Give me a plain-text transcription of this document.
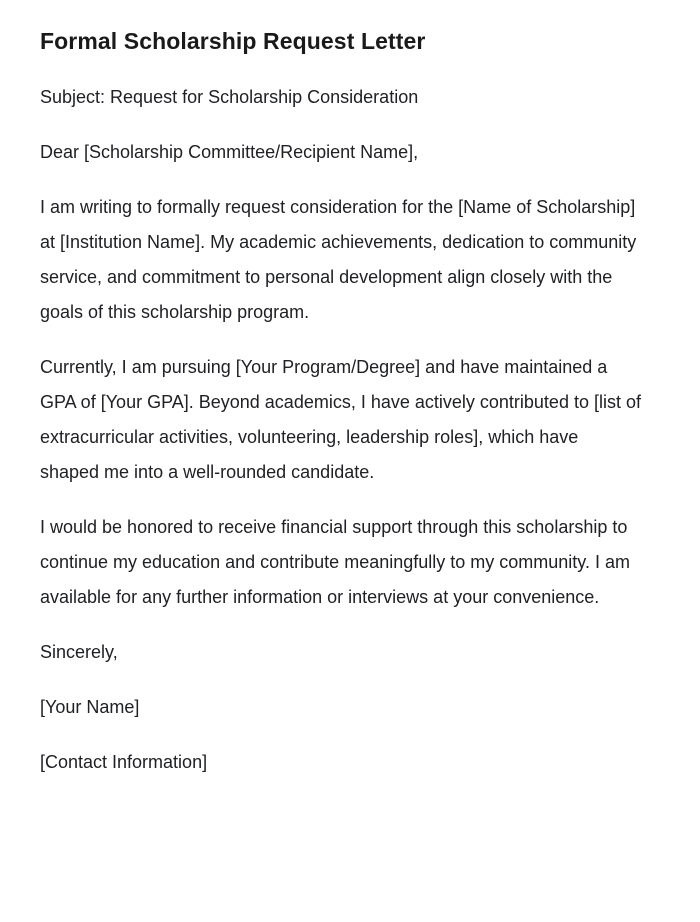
Formal Scholarship Request Letter

Subject: Request for Scholarship Consideration

Dear [Scholarship Committee/Recipient Name],

I am writing to formally request consideration for the [Name of Scholarship] at [Institution Name]. My academic achievements, dedication to community service, and commitment to personal development align closely with the goals of this scholarship program.

Currently, I am pursuing [Your Program/Degree] and have maintained a GPA of [Your GPA]. Beyond academics, I have actively contributed to [list of extracurricular activities, volunteering, leadership roles], which have shaped me into a well-rounded candidate.

I would be honored to receive financial support through this scholarship to continue my education and contribute meaningfully to my community. I am available for any further information or interviews at your convenience.

Sincerely,

[Your Name]

[Contact Information]
